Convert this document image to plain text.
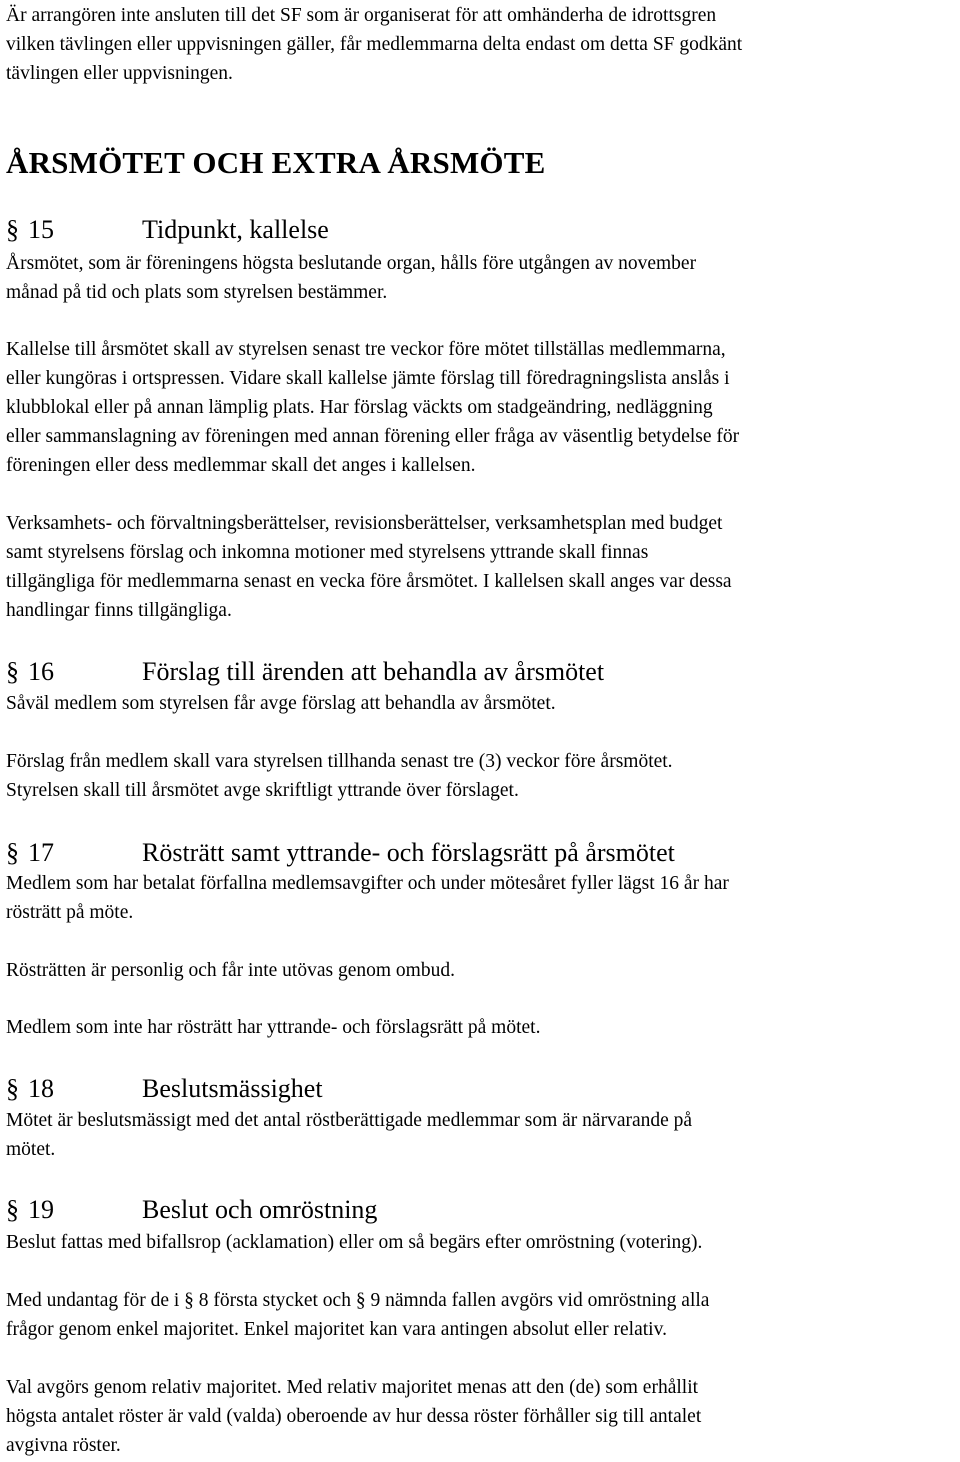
Är arrangören inte ansluten till det SF som är organiserat för att omhänderha de idrottsgren
vilken tävlingen eller uppvisningen gäller, får medlemmarna delta endast om detta SF godkänt
tävlingen eller uppvisningen.

ÅRSMÖTET OCH EXTRA ÅRSMÖTE
§ 15	Tidpunkt, kallelse

Årsmötet, som är föreningens högsta beslutande organ, hålls före utgången av november
månad på tid och plats som styrelsen bestämmer.

Kallelse till årsmötet skall av styrelsen senast tre veckor före mötet tillställas medlemmarna,
eller kungöras i ortspressen. Vidare skall kallelse jämte förslag till föredragningslista anslås i
klubblokal eller på annan lämplig plats. Har förslag väckts om stadgeändring, nedläggning
eller sammanslagning av föreningen med annan förening eller fråga av väsentlig betydelse för
föreningen eller dess medlemmar skall det anges i kallelsen.

Verksamhets- och förvaltningsberättelser, revisionsberättelser, verksamhetsplan med budget
samt styrelsens förslag och inkomna motioner med styrelsens yttrande skall finnas
tillgängliga för medlemmarna senast en vecka före årsmötet. I kallelsen skall anges var dessa
handlingar finns tillgängliga.

§ 16	Förslag till ärenden att behandla av årsmötet

Såväl medlem som styrelsen får avge förslag att behandla av årsmötet.

Förslag från medlem skall vara styrelsen tillhanda senast tre (3) veckor före årsmötet.
Styrelsen skall till årsmötet avge skriftligt yttrande över förslaget.

§ 17	Rösträtt samt yttrande- och förslagsrätt på årsmötet

Medlem som har betalat förfallna medlemsavgifter och under mötesåret fyller lägst 16 år har
rösträtt på möte.

Rösträtten är personlig och får inte utövas genom ombud.

Medlem som inte har rösträtt har yttrande- och förslagsrätt på mötet.

§ 18	Beslutsmässighet

Mötet är beslutsmässigt med det antal röstberättigade medlemmar som är närvarande på
mötet.

§ 19	Beslut och omröstning

Beslut fattas med bifallsrop (acklamation) eller om så begärs efter omröstning (votering).

Med undantag för de i § 8 första stycket och § 9 nämnda fallen avgörs vid omröstning alla
frågor genom enkel majoritet. Enkel majoritet kan vara antingen absolut eller relativ.

Val avgörs genom relativ majoritet. Med relativ majoritet menas att den (de) som erhållit
högsta antalet röster är vald (valda) oberoende av hur dessa röster förhåller sig till antalet
avgivna röster.
